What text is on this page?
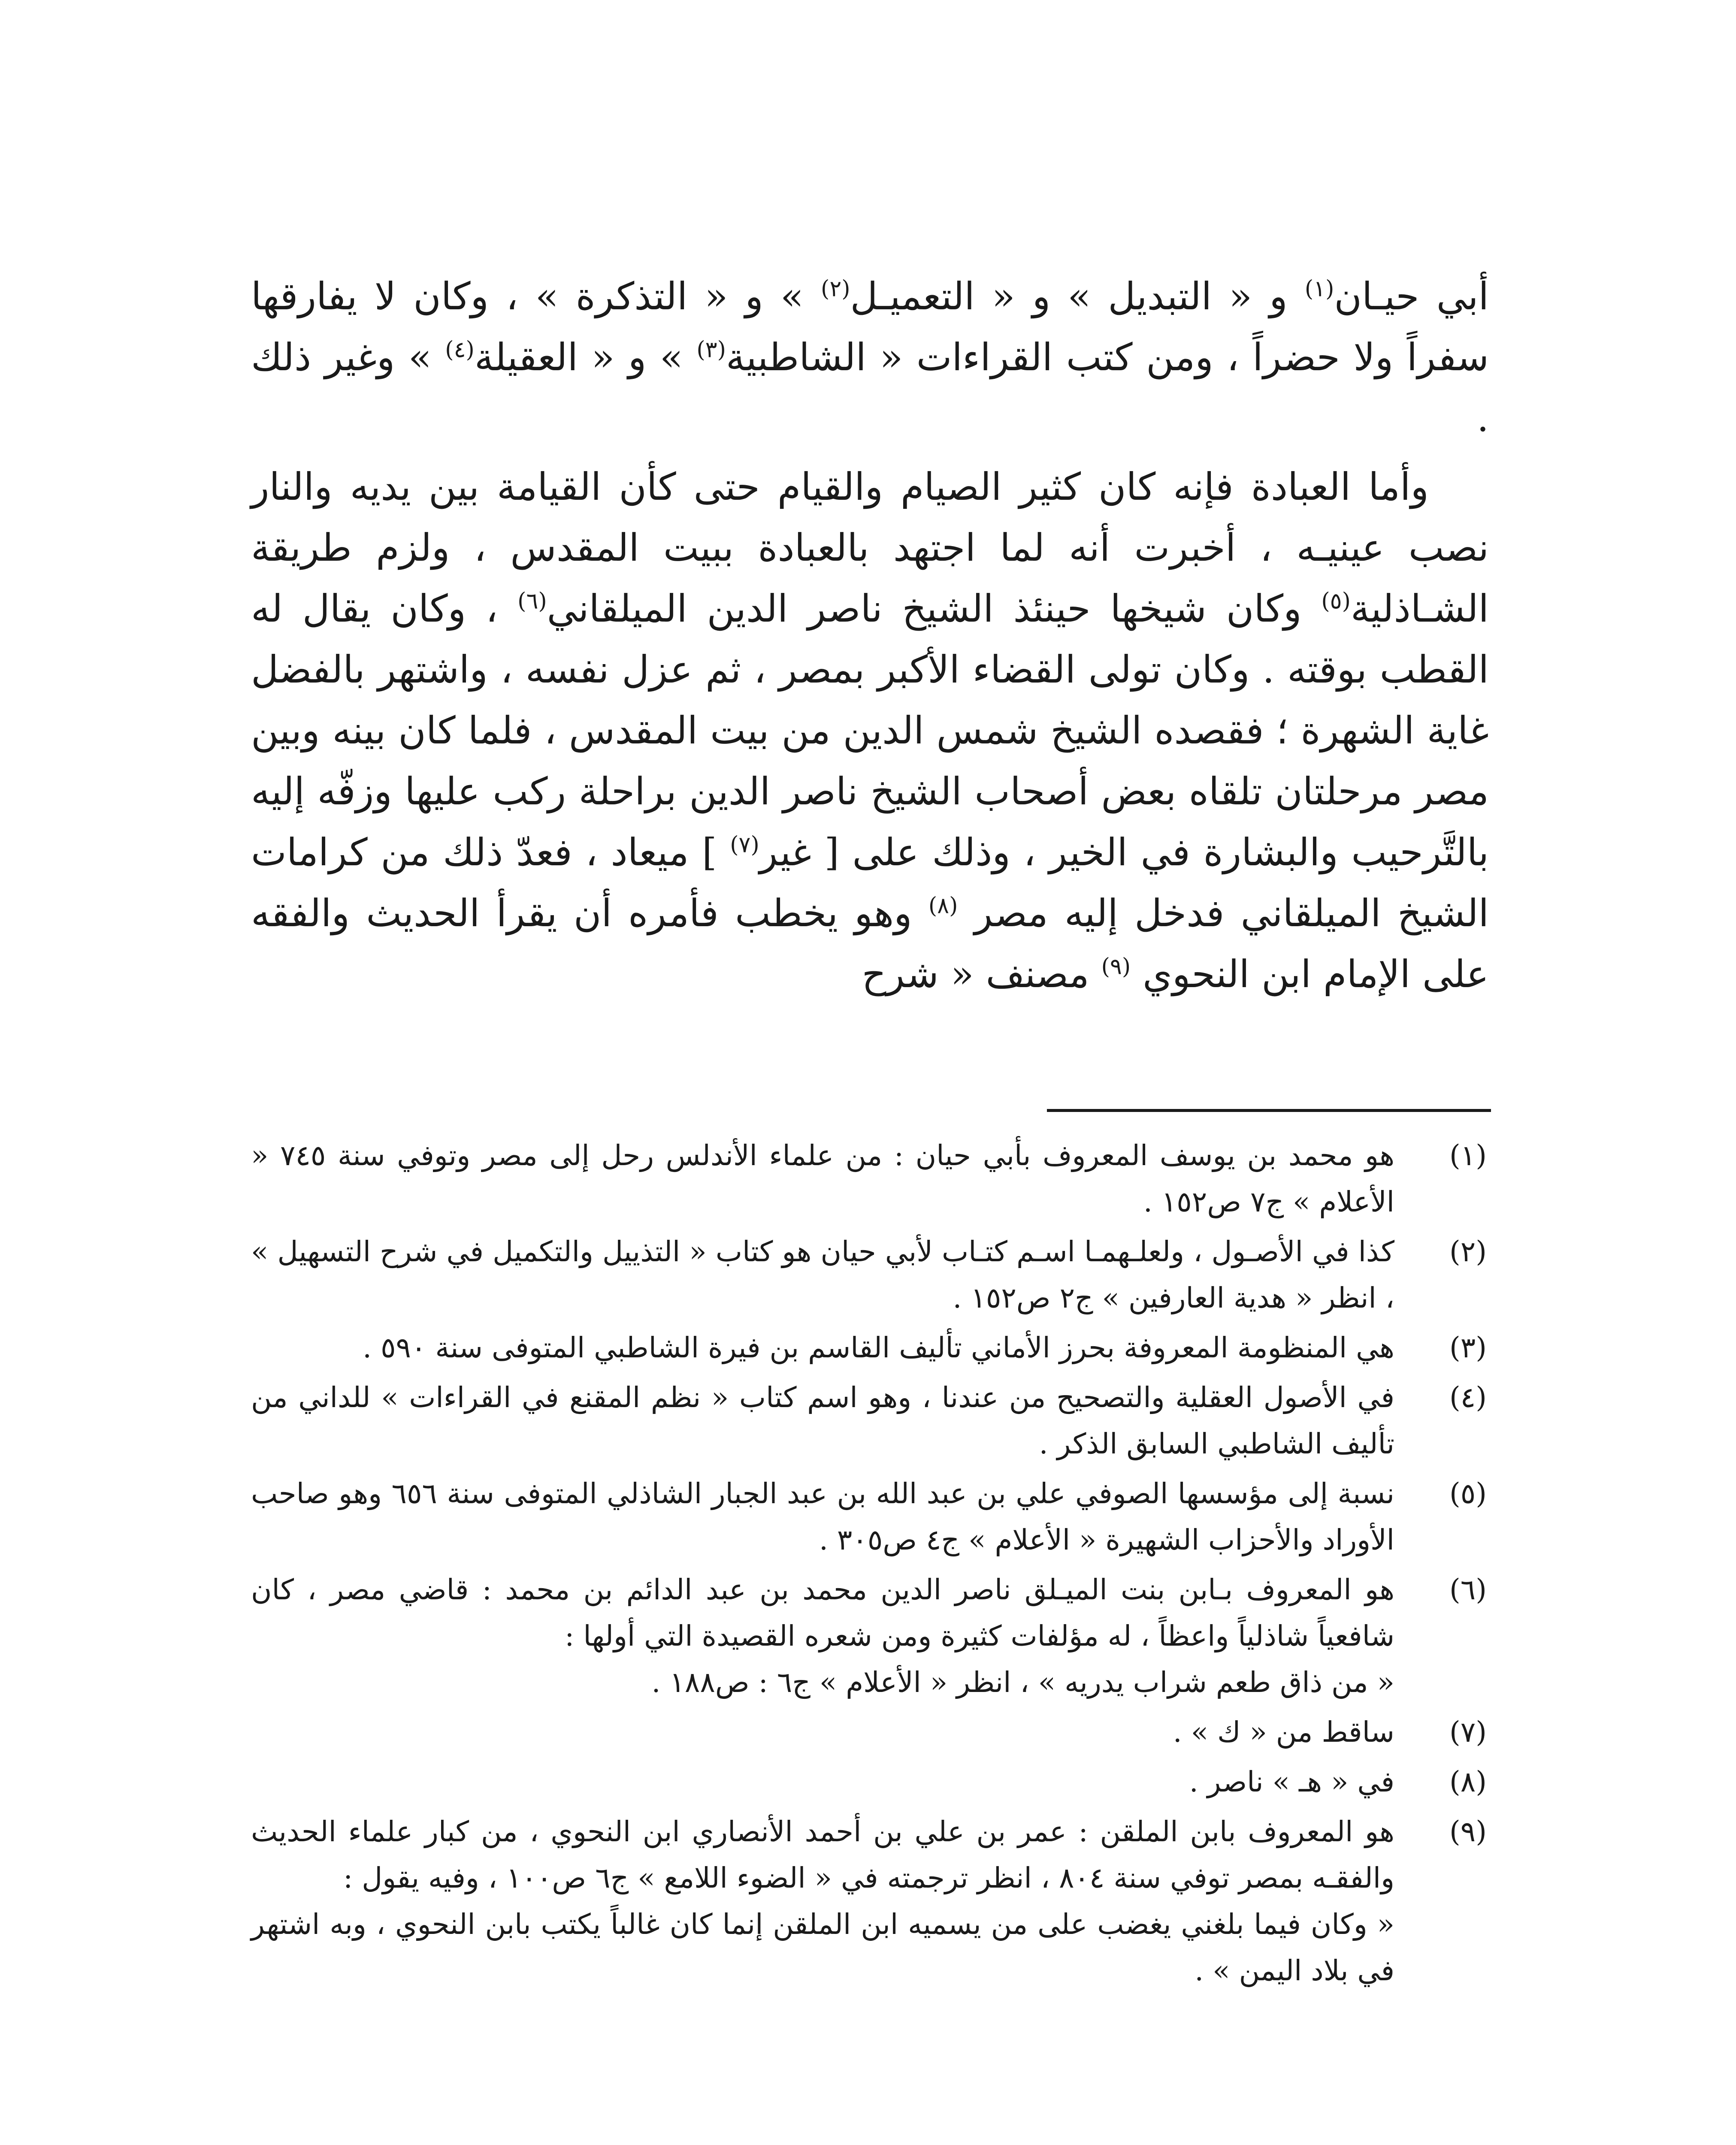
أبي حيـان$^{(١)}$ و « التبديل » و « التعميـل$^{(٢)}$ » و « التذكرة » ، وكان لا يفارقها سفراً ولا حضراً ، ومن كتب القراءات « الشاطبية$^{(٣)}$ » و « العقيلة$^{(٤)}$ » وغير ذلك .

وأما العبادة فإنه كان كثير الصيام والقيام حتى كأن القيامة بين يديه والنار نصب عينيـه ، أخبرت أنه لما اجتهد بالعبادة ببيت المقدس ، ولزم طريقة الشـاذلية$^{(٥)}$ وكان شيخها حينئذ الشيخ ناصر الدين الميلقاني$^{(٦)}$ ، وكان يقال له القطب بوقته . وكان تولى القضاء الأكبر بمصر ، ثم عزل نفسه ، واشتهر بالفضل غاية الشهرة ؛ فقصده الشيخ شمس الدين من بيت المقدس ، فلما كان بينه وبين مصر مرحلتان تلقاه بعض أصحاب الشيخ ناصر الدين براحلة ركب عليها وزفّه إليه بالتَّرحيب والبشارة في الخير ، وذلك على [ غير$^{(٧)}$ ] ميعاد ، فعدّ ذلك من كرامات الشيخ الميلقاني فدخل إليه مصر $^{(٨)}$ وهو يخطب فأمره أن يقرأ الحديث والفقه على الإمام ابن النحوي $^{(٩)}$ مصنف « شرح

(١)

هو محمد بن يوسف المعروف بأبي حيان : من علماء الأندلس رحل إلى مصر وتوفي سنة ٧٤٥ « الأعلام » ج٧ ص١٥٢ .

(٢)

كذا في الأصـول ، ولعلـهمـا اسـم كتـاب لأبي حيان هو كتاب « التذييل والتكميل في شرح التسهيل » ، انظر « هدية العارفين » ج٢ ص١٥٢ .

(٣)

هي المنظومة المعروفة بحرز الأماني تأليف القاسم بن فيرة الشاطبي المتوفى سنة ٥٩٠ .

(٤)

في الأصول العقلية والتصحيح من عندنا ، وهو اسم كتاب « نظم المقنع في القراءات » للداني من تأليف الشاطبي السابق الذكر .

(٥)

نسبة إلى مؤسسها الصوفي علي بن عبد الله بن عبد الجبار الشاذلي المتوفى سنة ٦٥٦ وهو صاحب الأوراد والأحزاب الشهيرة « الأعلام » ج٤ ص٣٠٥ .

(٦)

هو المعروف بـابن بنت الميـلق ناصر الدين محمد بن عبد الدائم بن محمد : قاضي مصر ، كان شافعياً شاذلياً واعظاً ، له مؤلفات كثيرة ومن شعره القصيدة التي أولها :

« من ذاق طعم شراب يدريه » ، انظر « الأعلام » ج٦ : ص١٨٨ .

(٧)

ساقط من « ك » .

(٨)

في « هـ » ناصر .

(٩)

هو المعروف بابن الملقن : عمر بن علي بن أحمد الأنصاري ابن النحوي ، من كبار علماء الحديث والفقـه بمصر توفي سنة ٨٠٤ ، انظر ترجمته في « الضوء اللامع » ج٦ ص١٠٠ ، وفيه يقول :

« وكان فيما بلغني يغضب على من يسميه ابن الملقن إنما كان غالباً يكتب بابن النحوي ، وبه اشتهر في بلاد اليمن » .
